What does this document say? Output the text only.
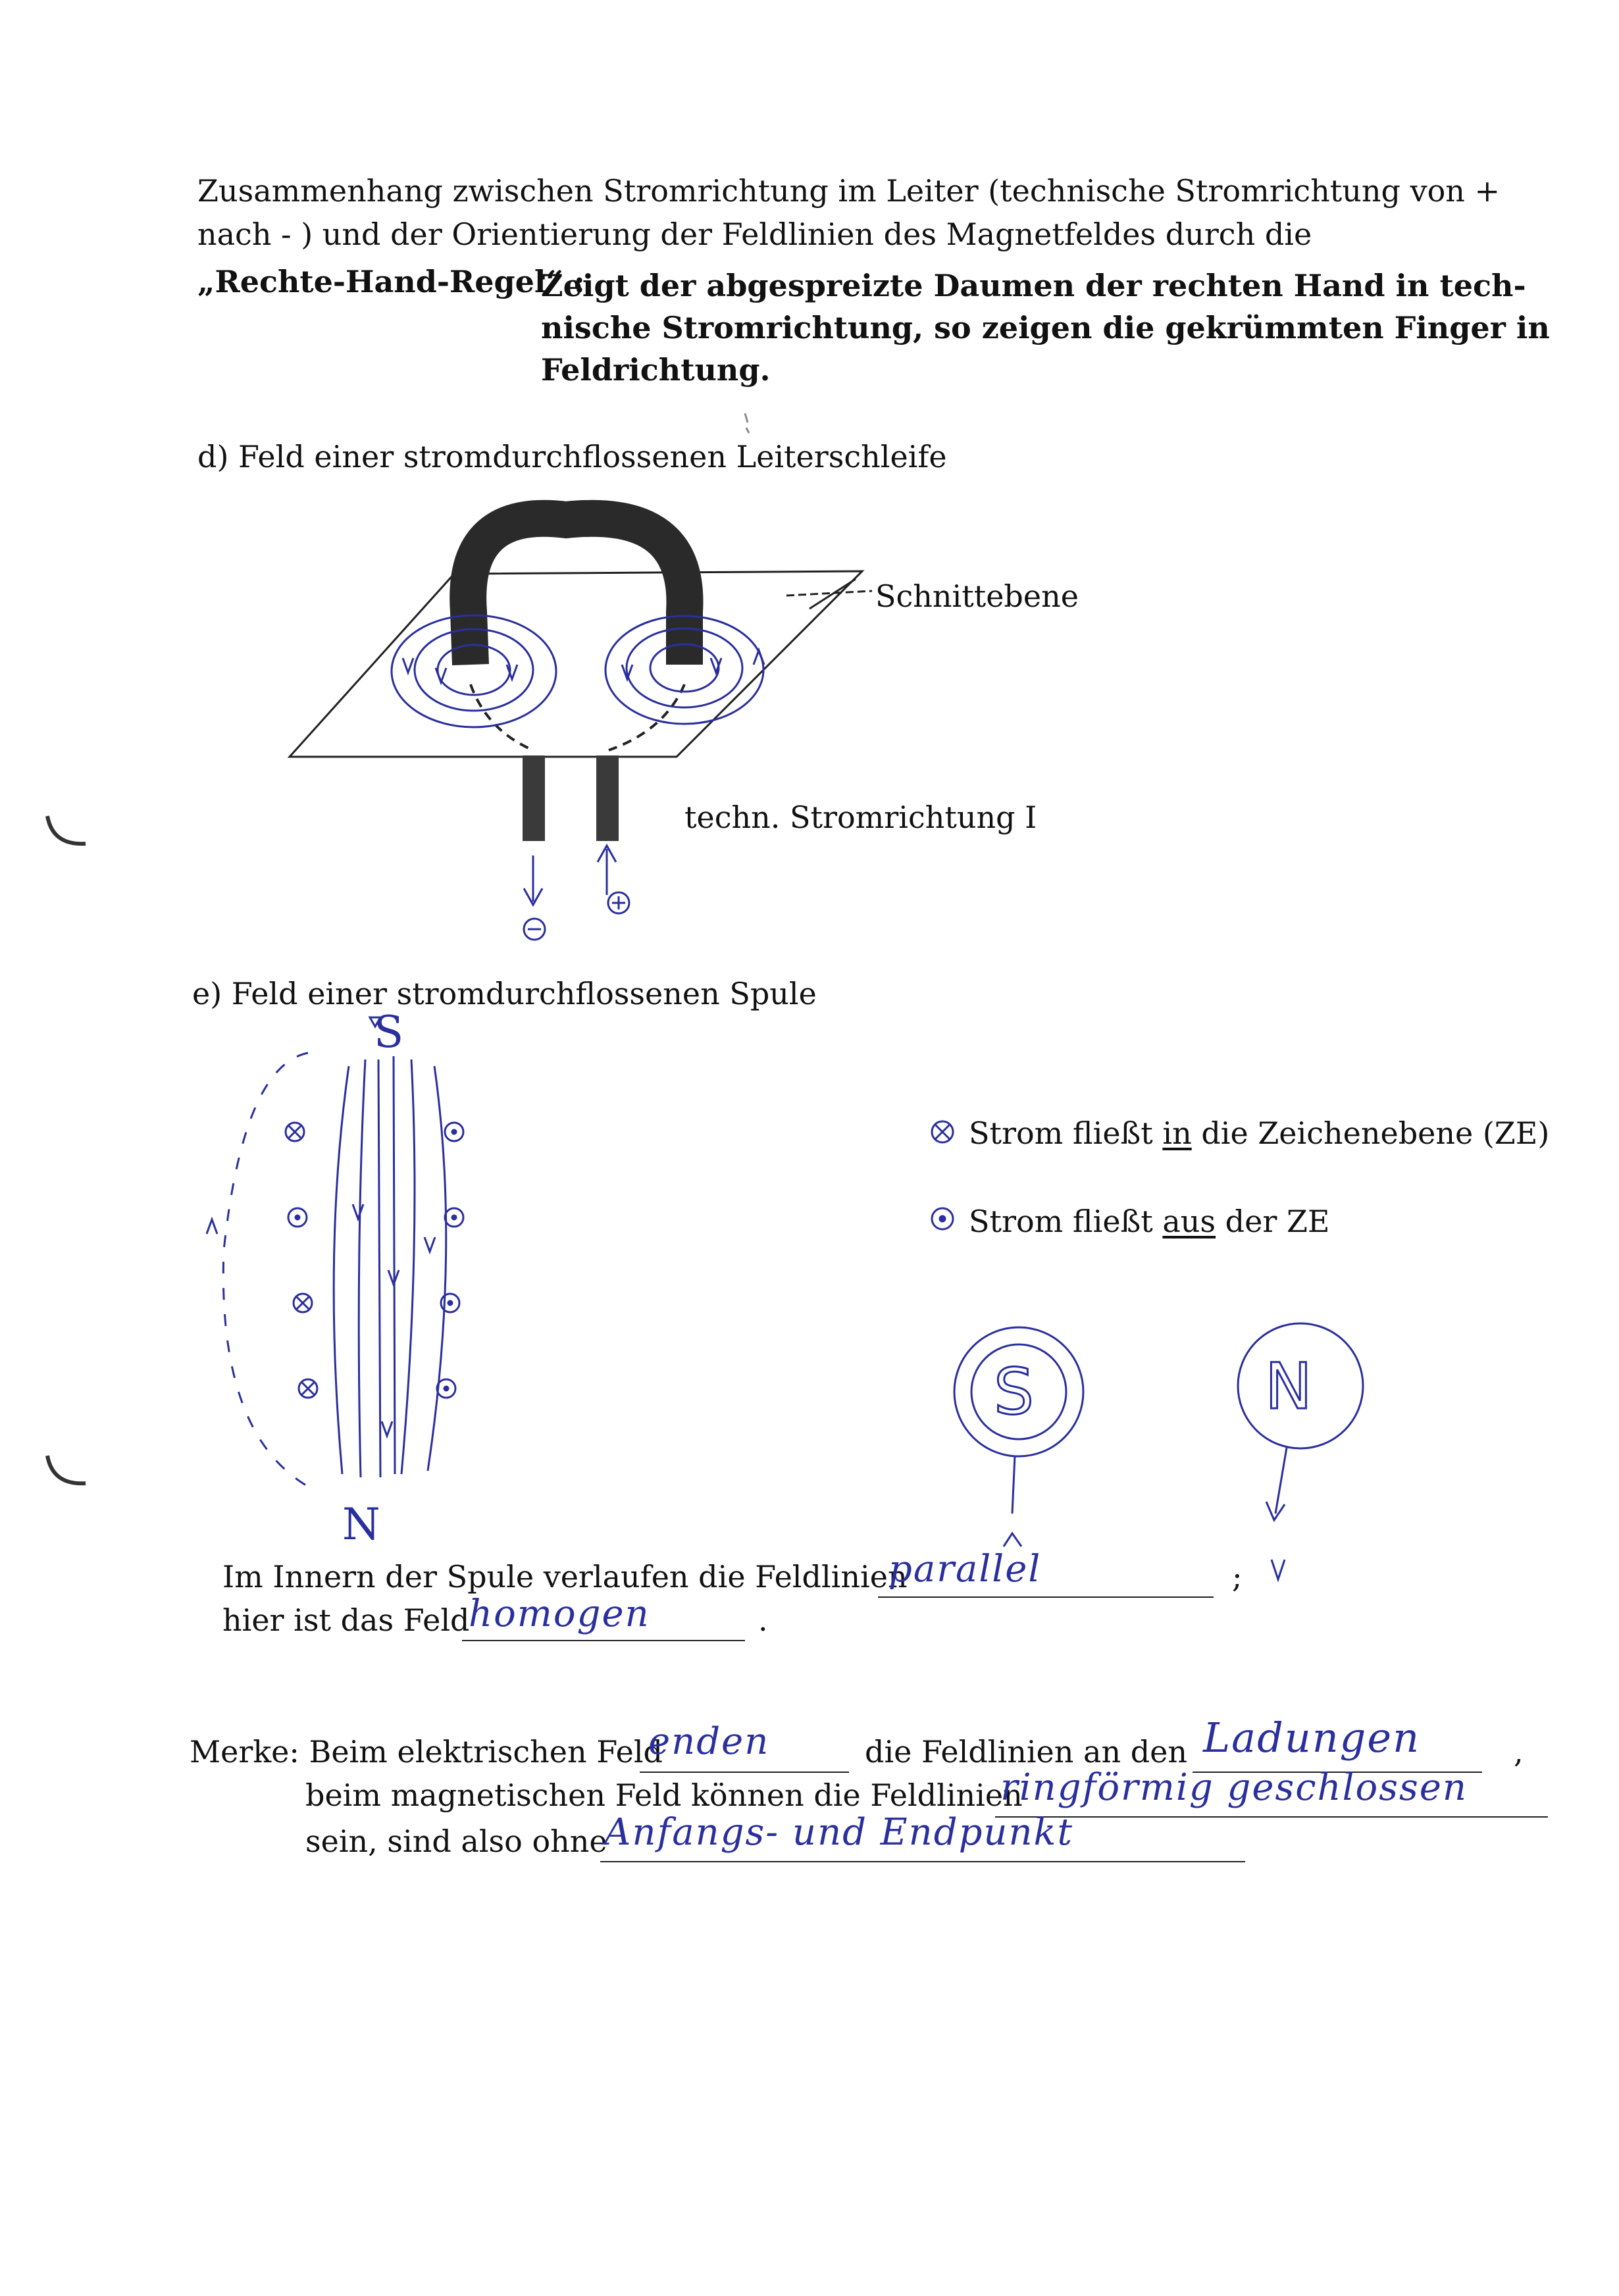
Zusammenhang zwischen Stromrichtung im Leiter (technische Stromrichtung von +
nach - ) und der Orientierung der Feldlinien des Magnetfeldes durch die
„Rechte-Hand-Regel“ :
Zeigt der abgespreizte Daumen der rechten Hand in tech-
nische Stromrichtung, so zeigen die gekrümmten Finger in
Feldrichtung.
d) Feld einer stromdurchflossenen Leiterschleife
Schnittebene
techn. Stromrichtung I
e) Feld einer stromdurchflossenen Spule
Strom fließt in die Zeichenebene (ZE)
Strom fließt aus der ZE
S
N
Im Innern der Spule verlaufen die Feldlinien
parallel	;
hier ist das Feld
homogen	.
Merke: Beim elektrischen Feld
enden	die Feldlinien an den Ladungen	,
beim magnetischen Feld können die Feldlinien
ringförmig geschlossen
sein, sind also ohne
Anfangs- und Endpunkt
S	N
